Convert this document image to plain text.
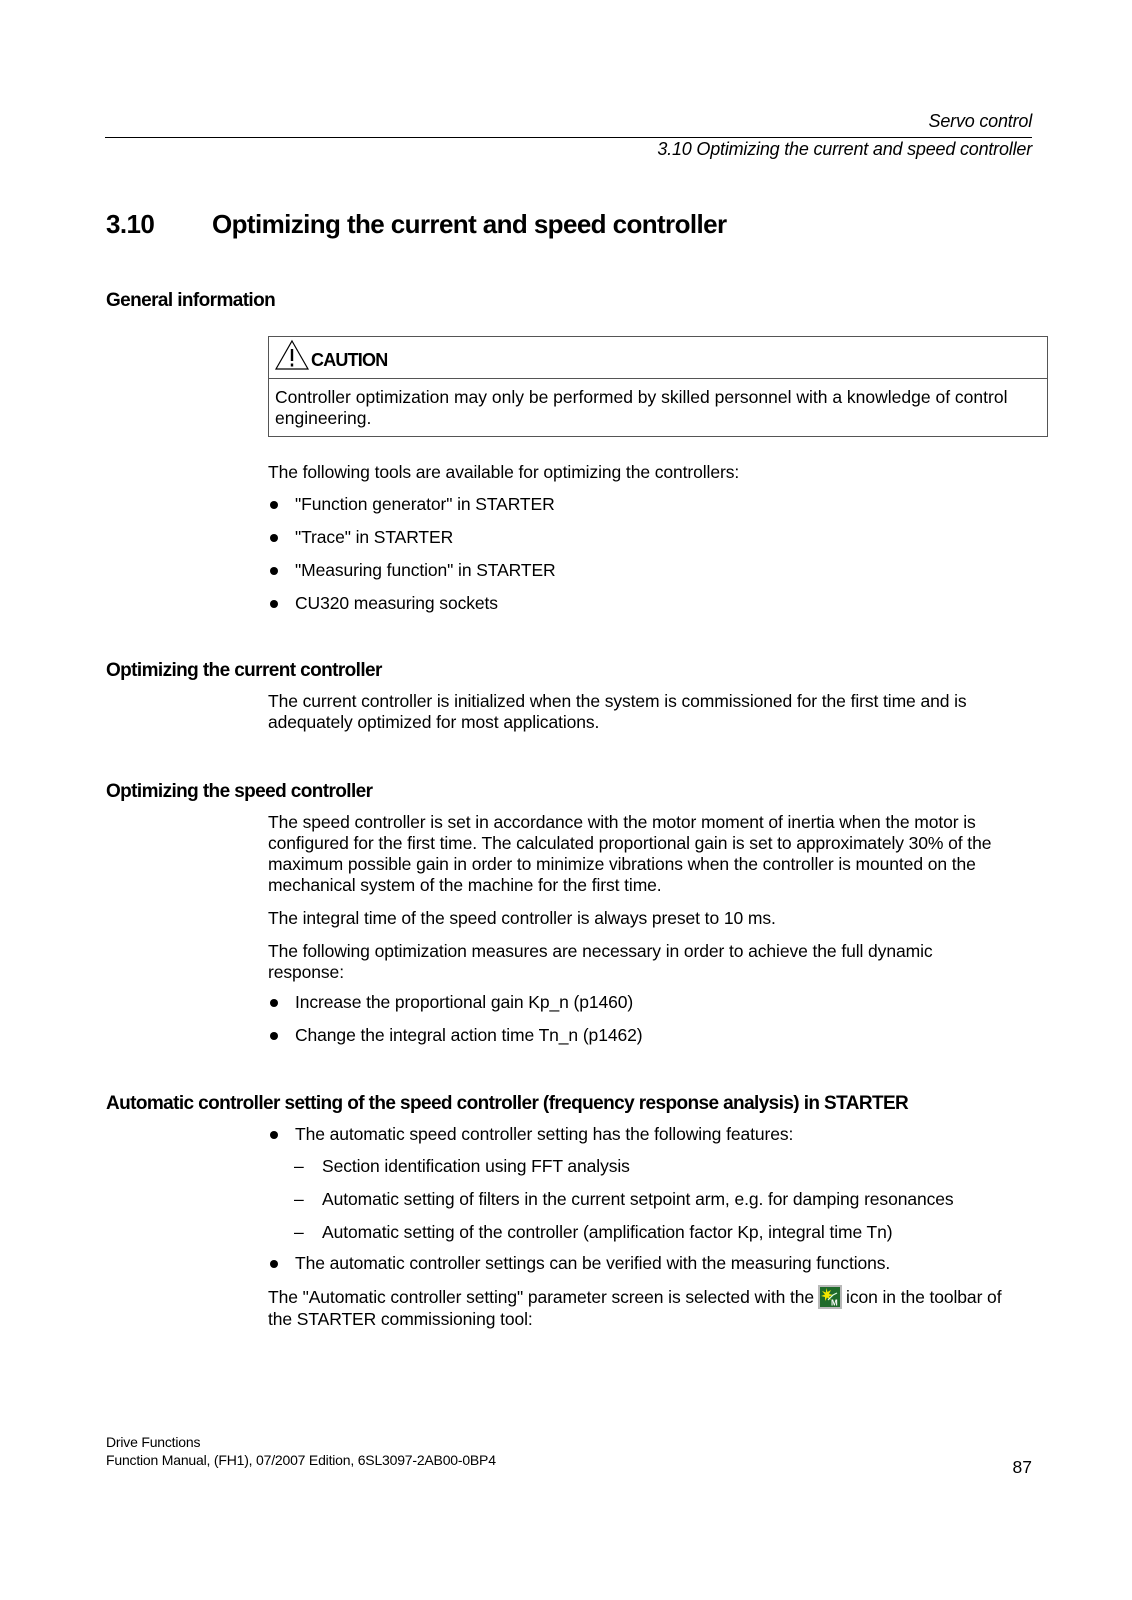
Servo control
3.10 Optimizing the current and speed controller
3.10 Optimizing the current and speed controller
General information
CAUTION
Controller optimization may only be performed by skilled personnel with a knowledge of control engineering.
The following tools are available for optimizing the controllers:
"Function generator" in STARTER
"Trace" in STARTER
"Measuring function" in STARTER
CU320 measuring sockets
Optimizing the current controller
The current controller is initialized when the system is commissioned for the first time and is adequately optimized for most applications.
Optimizing the speed controller

The speed controller is set in accordance with the motor moment of inertia when the motor is configured for the first time. The calculated proportional gain is set to approximately 30% of the maximum possible gain in order to minimize vibrations when the controller is mounted on the mechanical system of the machine for the first time.

The integral time of the speed controller is always preset to 10 ms.

The following optimization measures are necessary in order to achieve the full dynamic response:

Increase the proportional gain Kp_n (p1460)
Change the integral action time Tn_n (p1462)
Automatic controller setting of the speed controller (frequency response analysis) in STARTER
The automatic speed controller setting has the following features:
– Section identification using FFT analysis
– Automatic setting of filters in the current setpoint arm, e.g. for damping resonances
– Automatic setting of the controller (amplification factor Kp, integral time Tn)
The automatic controller settings can be verified with the measuring functions.
The "Automatic controller setting" parameter screen is selected with the M icon in the toolbar of the STARTER commissioning tool:
Drive Functions
Function Manual, (FH1), 07/2007 Edition, 6SL3097-2AB00-0BP4	87
